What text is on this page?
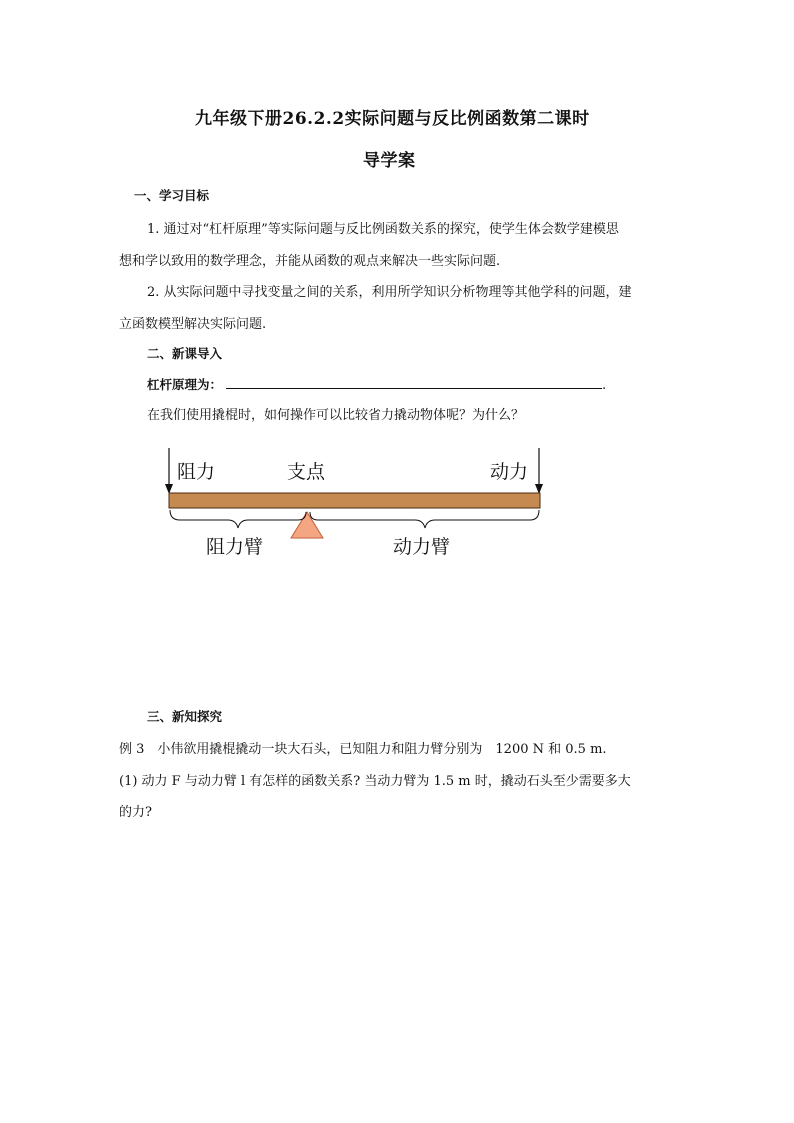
九年级下册26.2.2实际问题与反比例函数第二课时
导学案
一、学习目标
1. 通过对“杠杆原理”等实际问题与反比例函数关系的探究，使学生体会数学建模思
想和学以致用的数学理念，并能从函数的观点来解决一些实际问题.
2. 从实际问题中寻找变量之间的关系，利用所学知识分析物理等其他学科的问题，建
立函数模型解决实际问题.
二、新课导入
杠杆原理为：	.
在我们使用撬棍时，如何操作可以比较省力撬动物体呢？为什么？
阻力	支点	动力
阻力臂	动力臂
三、新知探究
例 3　小伟欲用撬棍撬动一块大石头，已知阻力和阻力臂分别为　1200 N 和 0.5 m.
(1) 动力 F 与动力臂 l 有怎样的函数关系? 当动力臂为 1.5 m 时，撬动石头至少需要多大
的力?
